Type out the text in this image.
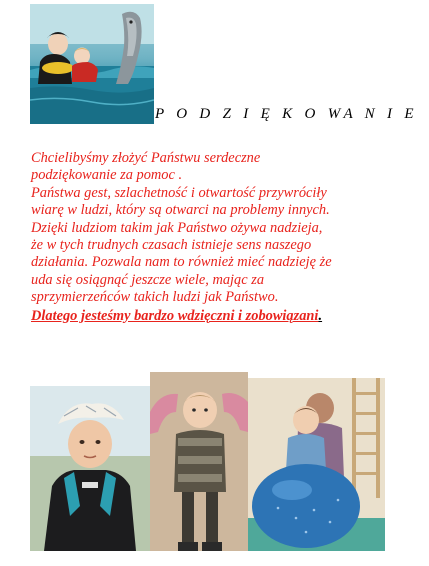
P O D Z I Ę K O WA N I E
Chcielibyśmy złożyć Państwu serdeczne
podziękowanie za pomoc .
Państwa gest, szlachetność i otwartość przywróciły
wiarę w ludzi, który są otwarci na problemy innych.
Dzięki ludziom takim jak Państwo ożywa nadzieja,
że w tych trudnych czasach istnieje sens naszego
działania. Pozwala nam to również mieć nadzieję że
uda się osiągnąć jeszcze wiele, mając za
sprzymierzeńców takich ludzi jak Państwo.
Dlatego jesteśmy bardzo wdzięczni i zobowiązani.
